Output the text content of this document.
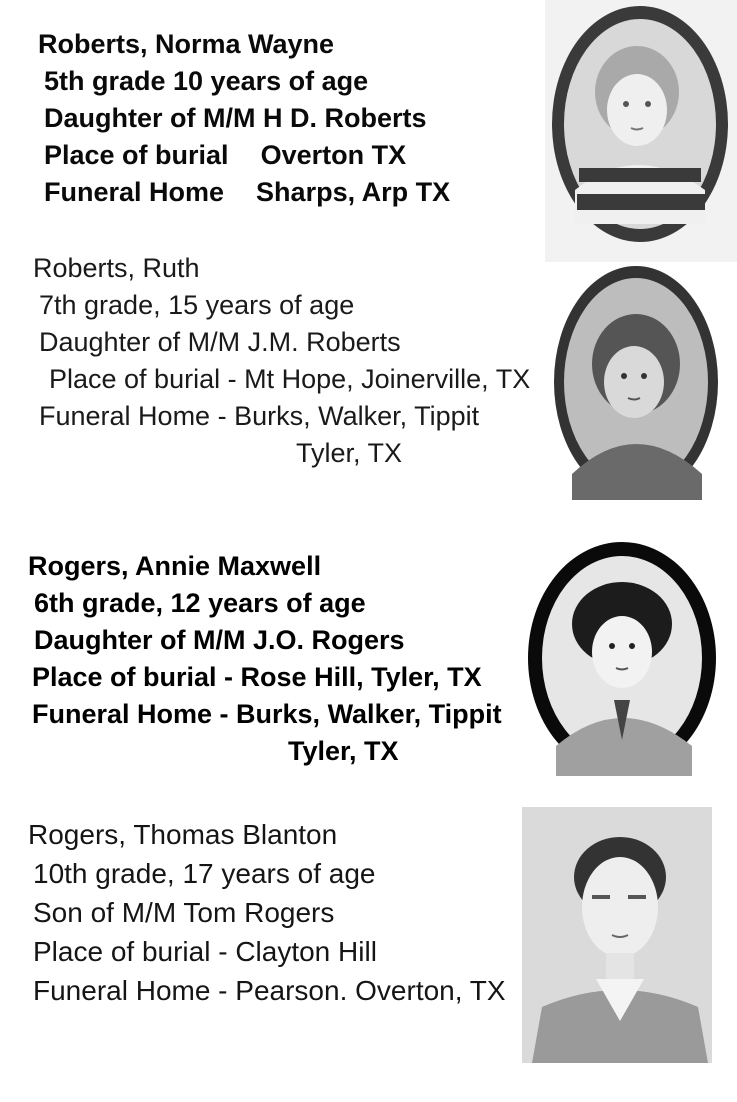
Roberts, Norma Wayne
5th grade 10 years of age
Daughter of M/M H D. Roberts
Place of burial Overton TX
Funeral Home Sharps, Arp TX
Roberts, Ruth
7th grade, 15 years of age
Daughter of M/M J.M. Roberts
Place of burial - Mt Hope, Joinerville, TX
Funeral Home - Burks, Walker, Tippit
Tyler, TX
Rogers, Annie Maxwell
6th grade, 12 years of age
Daughter of M/M J.O. Rogers
Place of burial - Rose Hill, Tyler, TX
Funeral Home - Burks, Walker, Tippit
Tyler, TX
Rogers, Thomas Blanton
10th grade, 17 years of age
Son of M/M Tom Rogers
Place of burial - Clayton Hill
Funeral Home - Pearson. Overton, TX
